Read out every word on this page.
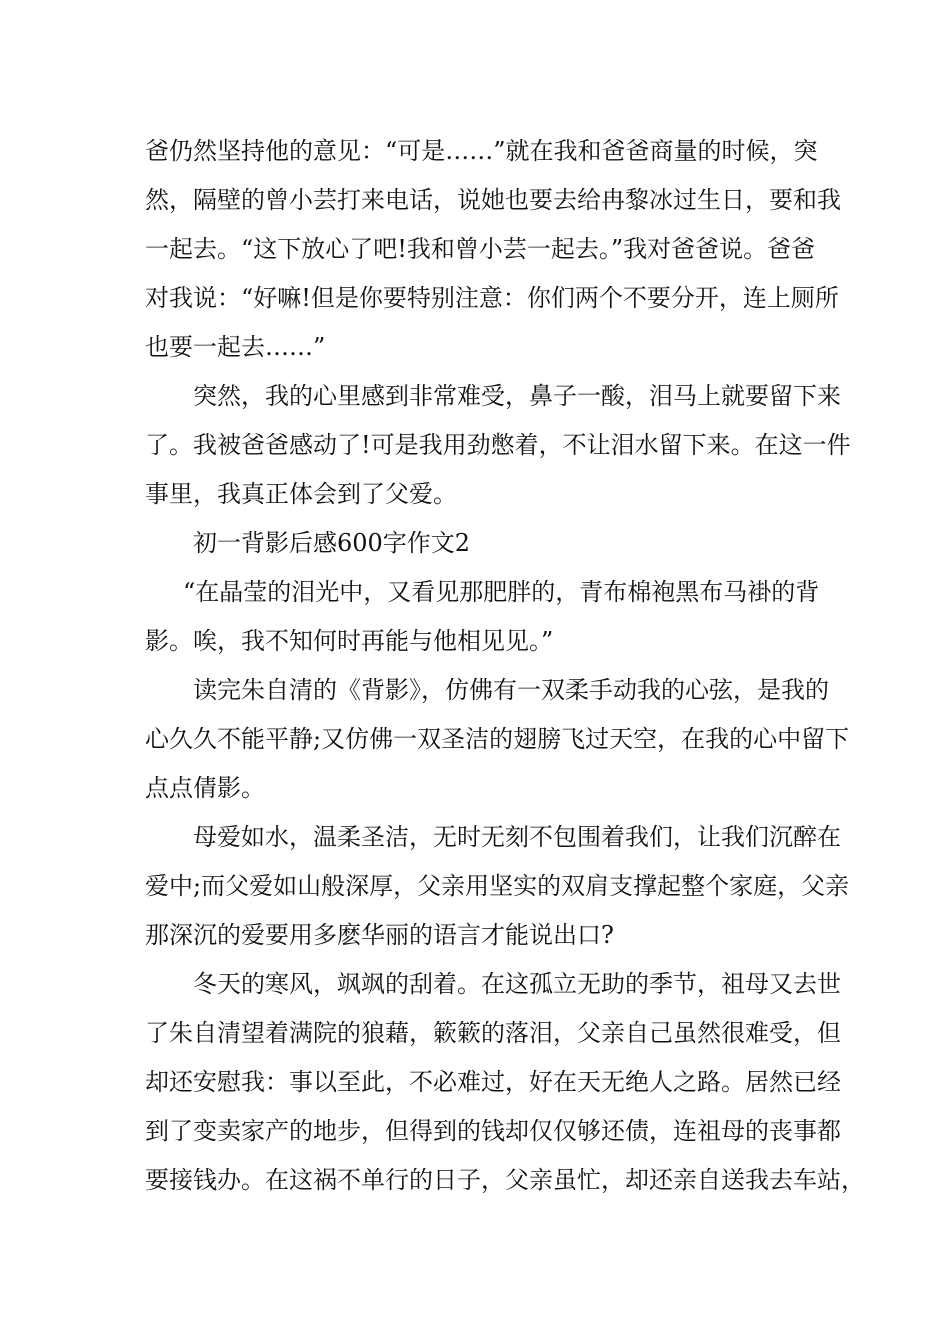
爸仍然坚持他的意见：“可是……”就在我和爸爸商量的时候，突
然，隔壁的曾小芸打来电话，说她也要去给冉黎冰过生日，要和我
一起去。“这下放心了吧!我和曾小芸一起去。”我对爸爸说。爸爸
对我说：“好嘛!但是你要特别注意：你们两个不要分开，连上厕所
也要一起去……”
突然，我的心里感到非常难受，鼻子一酸，泪马上就要留下来
了。我被爸爸感动了!可是我用劲憋着，不让泪水留下来。在这一件
事里，我真正体会到了父爱。
初一背影后感600字作文2
“在晶莹的泪光中，又看见那肥胖的，青布棉袍黑布马褂的背
影。唉，我不知何时再能与他相见见。”
读完朱自清的《背影》，仿佛有一双柔手动我的心弦，是我的
心久久不能平静;又仿佛一双圣洁的翅膀飞过天空，在我的心中留下
点点倩影。
母爱如水，温柔圣洁，无时无刻不包围着我们，让我们沉醉在
爱中;而父爱如山般深厚，父亲用坚实的双肩支撑起整个家庭，父亲
那深沉的爱要用多麽华丽的语言才能说出口?
冬天的寒风，飒飒的刮着。在这孤立无助的季节，祖母又去世
了朱自清望着满院的狼藉，簌簌的落泪，父亲自己虽然很难受，但
却还安慰我：事以至此，不必难过，好在天无绝人之路。居然已经
到了变卖家产的地步，但得到的钱却仅仅够还债，连祖母的丧事都
要接钱办。在这祸不单行的日子，父亲虽忙，却还亲自送我去车站，
